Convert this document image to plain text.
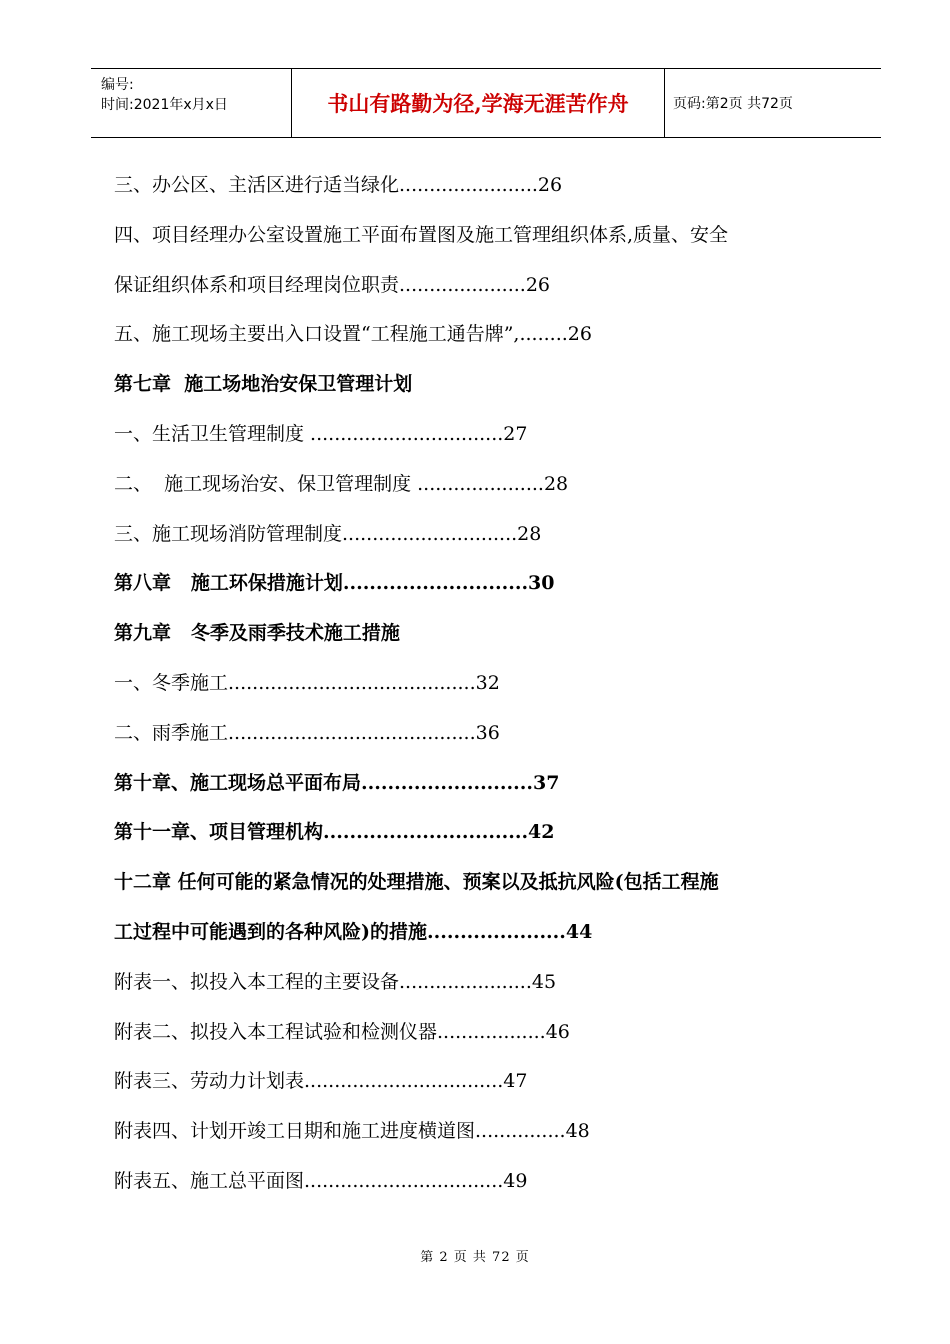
编号:
时间:2021年x月x日	书山有路勤为径,学海无涯苦作舟	页码:第2页 共72页
三、办公区、主活区进行适当绿化.......................26
四、项目经理办公室设置施工平面布置图及施工管理组织体系,质量、安全
保证组织体系和项目经理岗位职责.....................26
五、施工现场主要出入口设置“工程施工通告牌”,........26
第七章  施工场地治安保卫管理计划
一、生活卫生管理制度 ................................27
二、  施工现场治安、保卫管理制度 .....................28
三、施工现场消防管理制度.............................28
第八章   施工环保措施计划............................30
第九章   冬季及雨季技术施工措施
一、冬季施工.........................................32
二、雨季施工.........................................36
第十章、施工现场总平面布局..........................37
第十一章、项目管理机构...............................42
十二章 任何可能的紧急情况的处理措施、预案以及抵抗风险(包括工程施
工过程中可能遇到的各种风险)的措施.....................44
附表一、拟投入本工程的主要设备......................45
附表二、拟投入本工程试验和检测仪器..................46
附表三、劳动力计划表.................................47
附表四、计划开竣工日期和施工进度横道图...............48
附表五、施工总平面图.................................49
第 2 页 共 72 页
